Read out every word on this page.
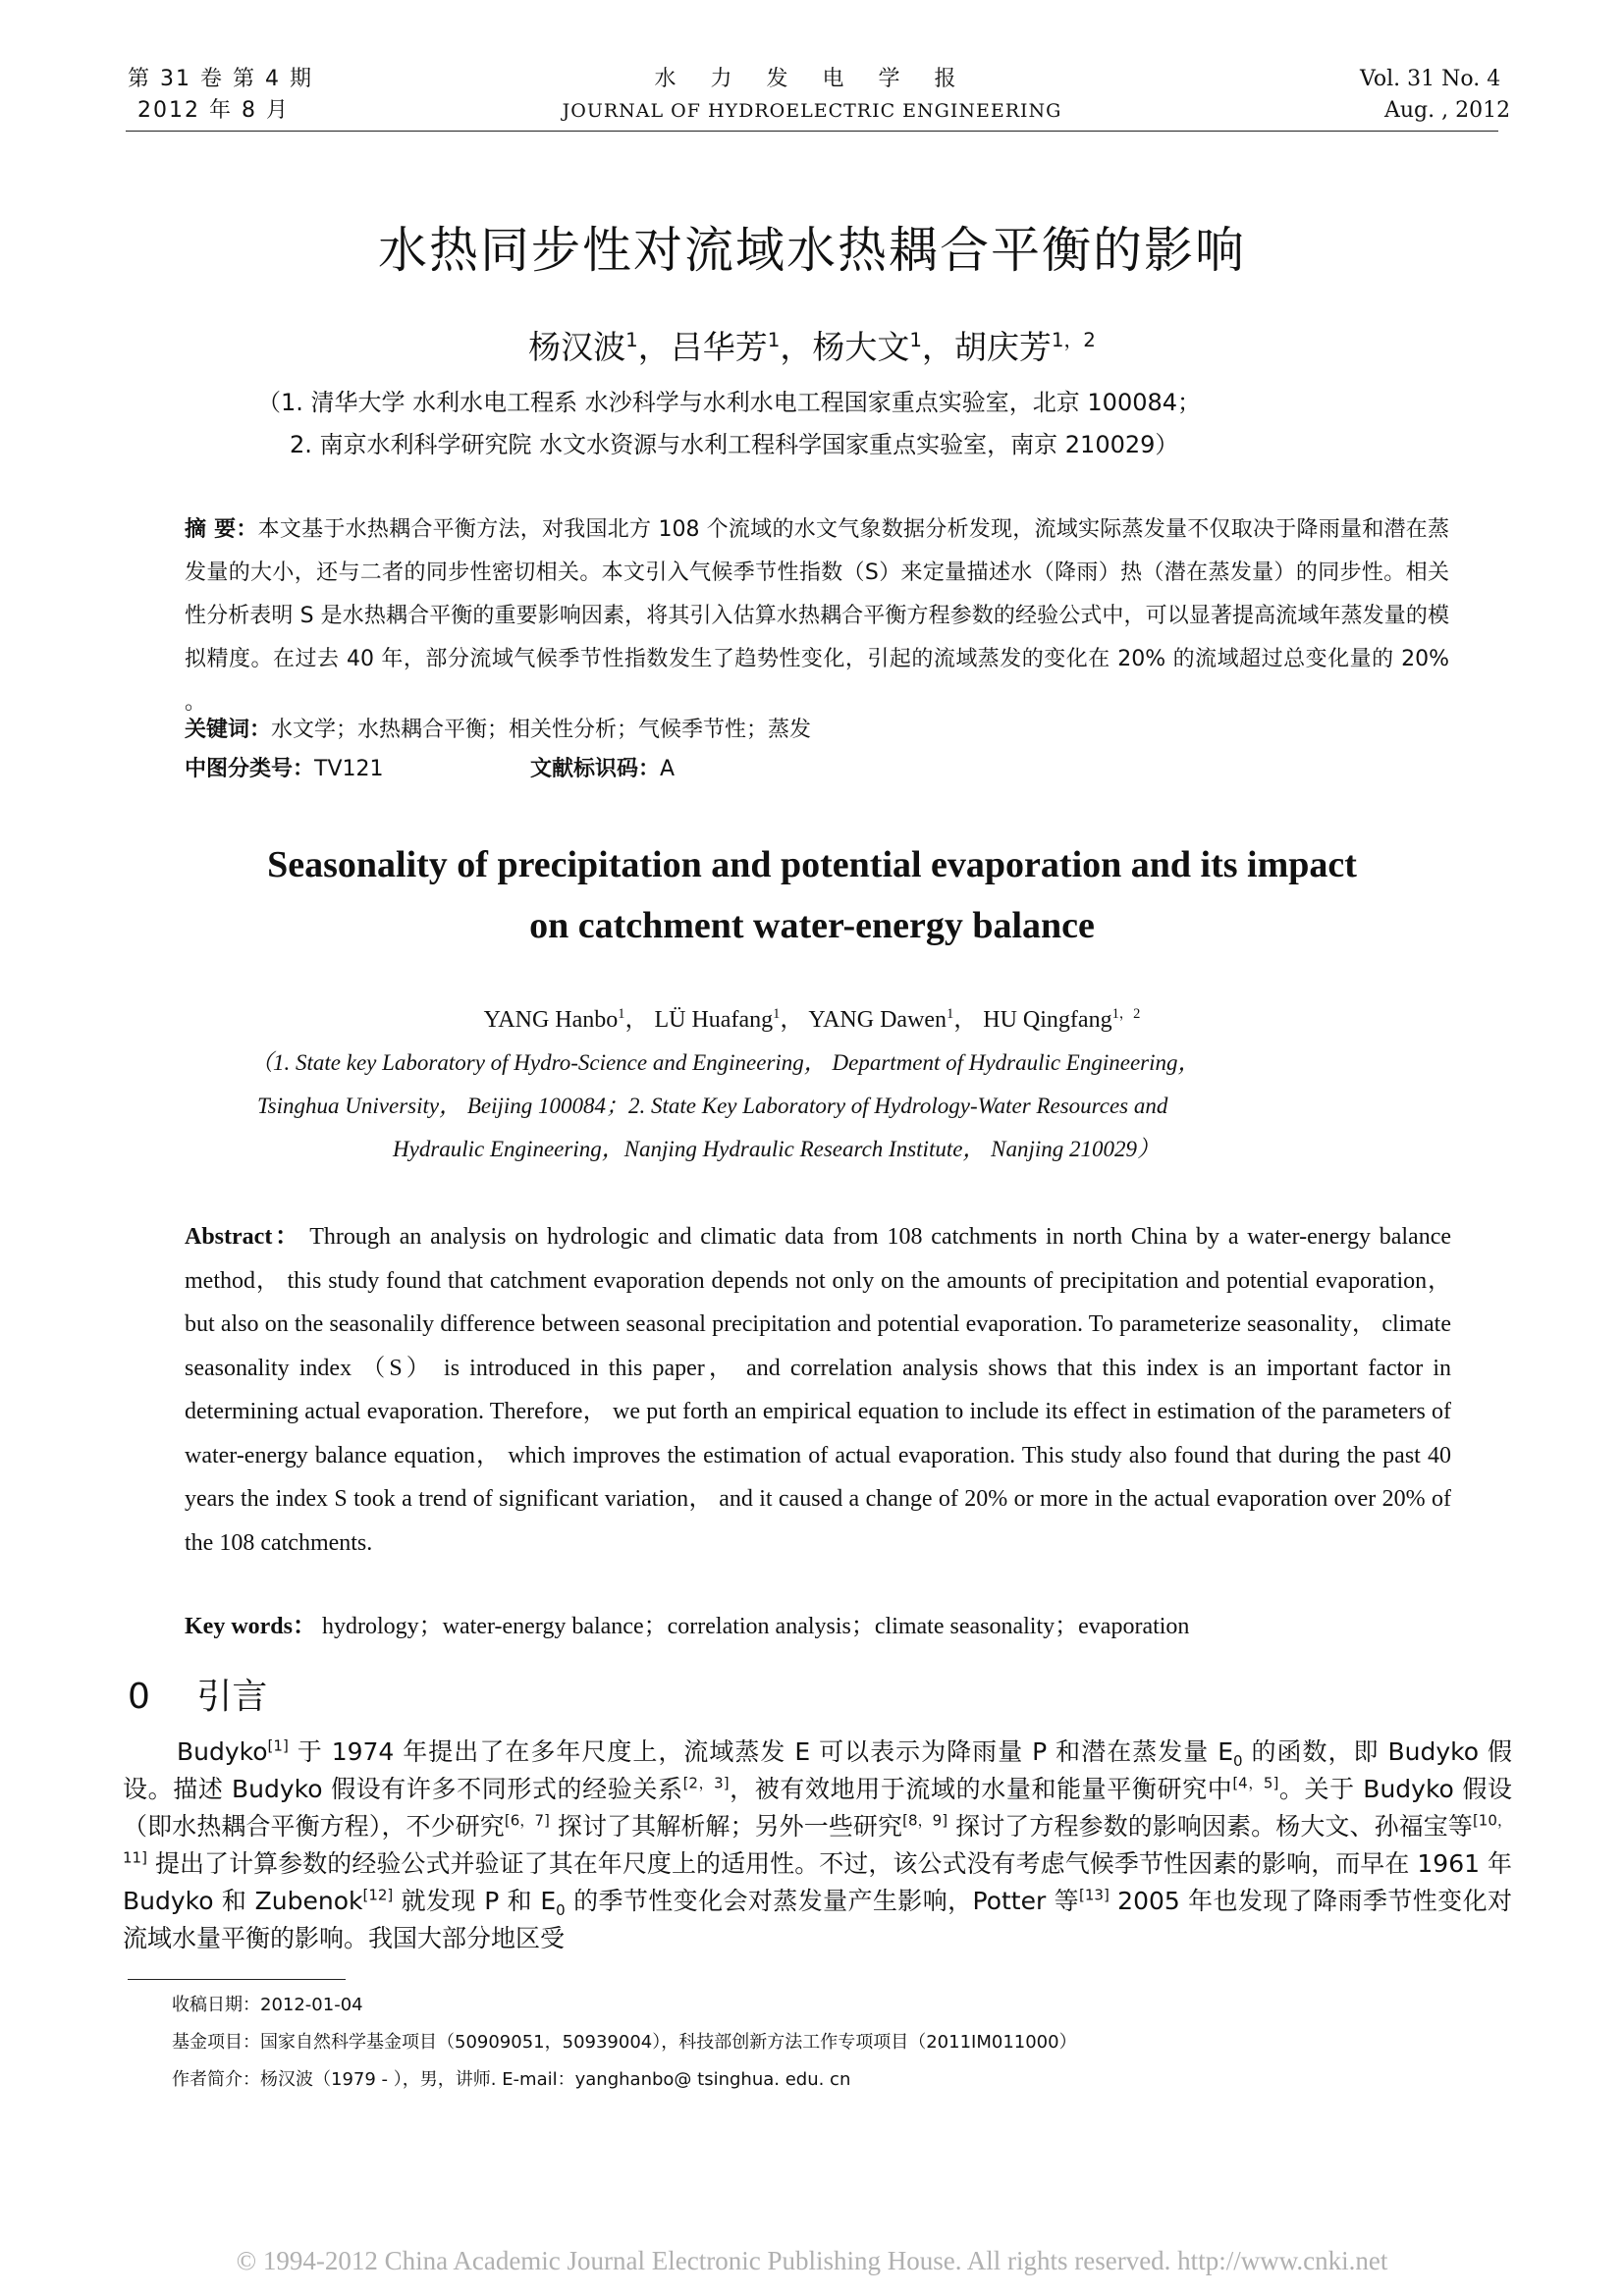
第 31 卷 第 4 期
2012 年 8 月
水 力 发 电 学 报
JOURNAL OF HYDROELECTRIC ENGINEERING
Vol. 31 No. 4
Aug. , 2012
水热同步性对流域水热耦合平衡的影响
杨汉波$^1$，吕华芳$^1$，杨大文$^1$，胡庆芳$^{1,2}$
（1. 清华大学 水利水电工程系 水沙科学与水利水电工程国家重点实验室，北京 100084；
2. 南京水利科学研究院 水文水资源与水利工程科学国家重点实验室，南京 210029）
摘 要：本文基于水热耦合平衡方法，对我国北方 108 个流域的水文气象数据分析发现，流域实际蒸发量不仅取决于降雨量和潜在蒸发量的大小，还与二者的同步性密切相关。本文引入气候季节性指数（S）来定量描述水（降雨）热（潜在蒸发量）的同步性。相关性分析表明 S 是水热耦合平衡的重要影响因素，将其引入估算水热耦合平衡方程参数的经验公式中，可以显著提高流域年蒸发量的模拟精度。在过去 40 年，部分流域气候季节性指数发生了趋势性变化，引起的流域蒸发的变化在 20% 的流域超过总变化量的 20% 。
关键词：水文学；水热耦合平衡；相关性分析；气候季节性；蒸发
中图分类号：TV121	文献标识码：A
Seasonality of precipitation and potential evaporation and its impact
on catchment water-energy balance
YANG Hanbo$^1$， LÜ Huafang$^1$， YANG Dawen$^1$， HU Qingfang$^{1,2}$
（1. State key Laboratory of Hydro-Science and Engineering， Department of Hydraulic Engineering，
Tsinghua University， Beijing 100084；2. State Key Laboratory of Hydrology-Water Resources and
Hydraulic Engineering，Nanjing Hydraulic Research Institute， Nanjing 210029）
Abstract： Through an analysis on hydrologic and climatic data from 108 catchments in north China by a water-energy balance method， this study found that catchment evaporation depends not only on the amounts of precipitation and potential evaporation， but also on the seasonalily difference between seasonal precipitation and potential evaporation. To parameterize seasonality， climate seasonality index （S） is introduced in this paper， and correlation analysis shows that this index is an important factor in determining actual evaporation. Therefore， we put forth an empirical equation to include its effect in estimation of the parameters of water-energy balance equation， which improves the estimation of actual evaporation. This study also found that during the past 40 years the index S took a trend of significant variation， and it caused a change of 20% or more in the actual evaporation over 20% of the 108 catchments.
Key words： hydrology；water-energy balance；correlation analysis；climate seasonality；evaporation
0 引言
Budyko[1] 于 1974 年提出了在多年尺度上，流域蒸发 E 可以表示为降雨量 P 和潜在蒸发量 $E_0$ 的函数，即 Budyko 假设。描述 Budyko 假设有许多不同形式的经验关系[2，3]，被有效地用于流域的水量和能量平衡研究中[4，5]。关于 Budyko 假设（即水热耦合平衡方程），不少研究[6，7] 探讨了其解析解；另外一些研究[8，9] 探讨了方程参数的影响因素。杨大文、孙福宝等[10，11] 提出了计算参数的经验公式并验证了其在年尺度上的适用性。不过，该公式没有考虑气候季节性因素的影响，而早在 1961 年 Budyko 和 Zubenok[12] 就发现 P 和 $E_0$ 的季节性变化会对蒸发量产生影响，Potter 等[13] 2005 年也发现了降雨季节性变化对流域水量平衡的影响。我国大部分地区受
收稿日期：2012-01-04
基金项目：国家自然科学基金项目（50909051，50939004），科技部创新方法工作专项项目（2011IM011000）
作者简介：杨汉波（1979 - ），男，讲师. E-mail：yanghanbo@ tsinghua. edu. cn
© 1994-2012 China Academic Journal Electronic Publishing House. All rights reserved. http://www.cnki.net
